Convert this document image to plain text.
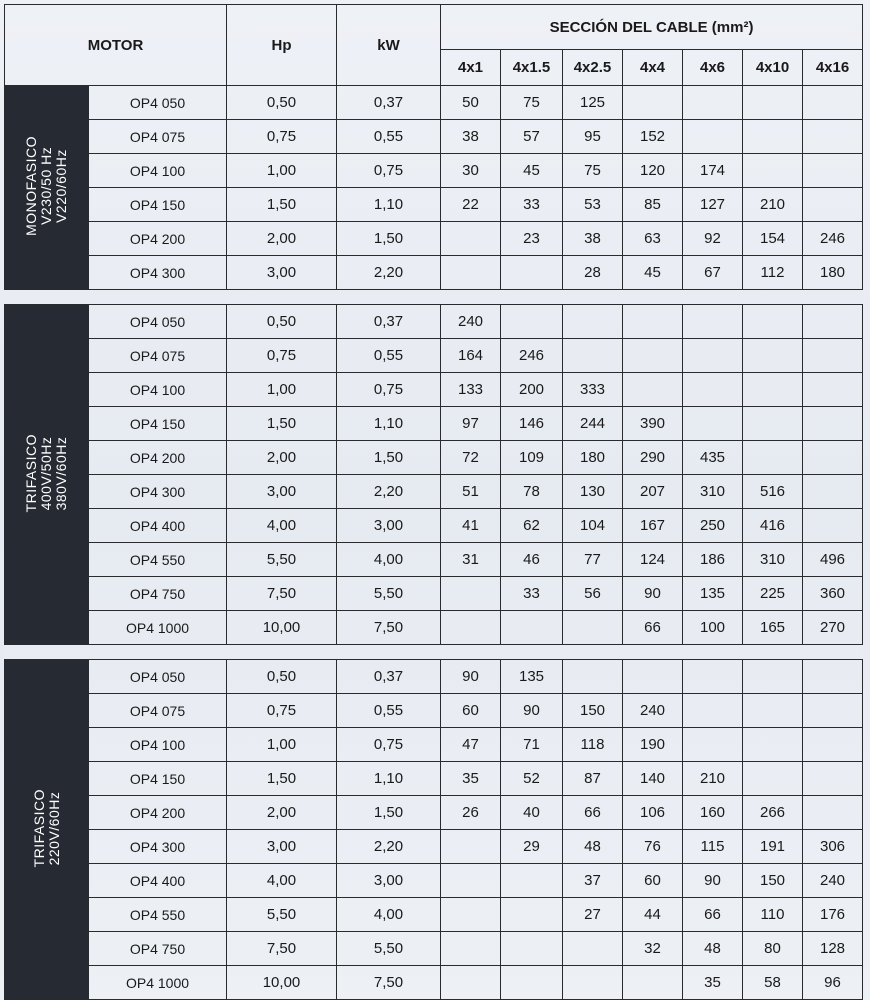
MOTOR		Hp	kW	SECCIÓN DEL CABLE (mm²)						
				4x1	4x1.5	4x2.5	4x4	4x6	4x10	4x16
MONOFASICO
V230/50 Hz
V220/60Hz	OP4 050	0,50	0,37	50	75	125				
	OP4 075	0,75	0,55	38	57	95	152			
	OP4 100	1,00	0,75	30	45	75	120	174		
	OP4 150	1,50	1,10	22	33	53	85	127	210	
	OP4 200	2,00	1,50		23	38	63	92	154	246
	OP4 300	3,00	2,20			28	45	67	112	180

TRIFASICO
400V/50Hz
380V/60Hz	OP4 050	0,50	0,37	240						
	OP4 075	0,75	0,55	164	246					
	OP4 100	1,00	0,75	133	200	333				
	OP4 150	1,50	1,10	97	146	244	390			
	OP4 200	2,00	1,50	72	109	180	290	435		
	OP4 300	3,00	2,20	51	78	130	207	310	516	
	OP4 400	4,00	3,00	41	62	104	167	250	416	
	OP4 550	5,50	4,00	31	46	77	124	186	310	496
	OP4 750	7,50	5,50		33	56	90	135	225	360
	OP4 1000	10,00	7,50				66	100	165	270

TRIFASICO
220V/60Hz	OP4 050	0,50	0,37	90	135					
	OP4 075	0,75	0,55	60	90	150	240			
	OP4 100	1,00	0,75	47	71	118	190			
	OP4 150	1,50	1,10	35	52	87	140	210		
	OP4 200	2,00	1,50	26	40	66	106	160	266	
	OP4 300	3,00	2,20		29	48	76	115	191	306
	OP4 400	4,00	3,00			37	60	90	150	240
	OP4 550	5,50	4,00			27	44	66	110	176
	OP4 750	7,50	5,50				32	48	80	128
	OP4 1000	10,00	7,50					35	58	96
